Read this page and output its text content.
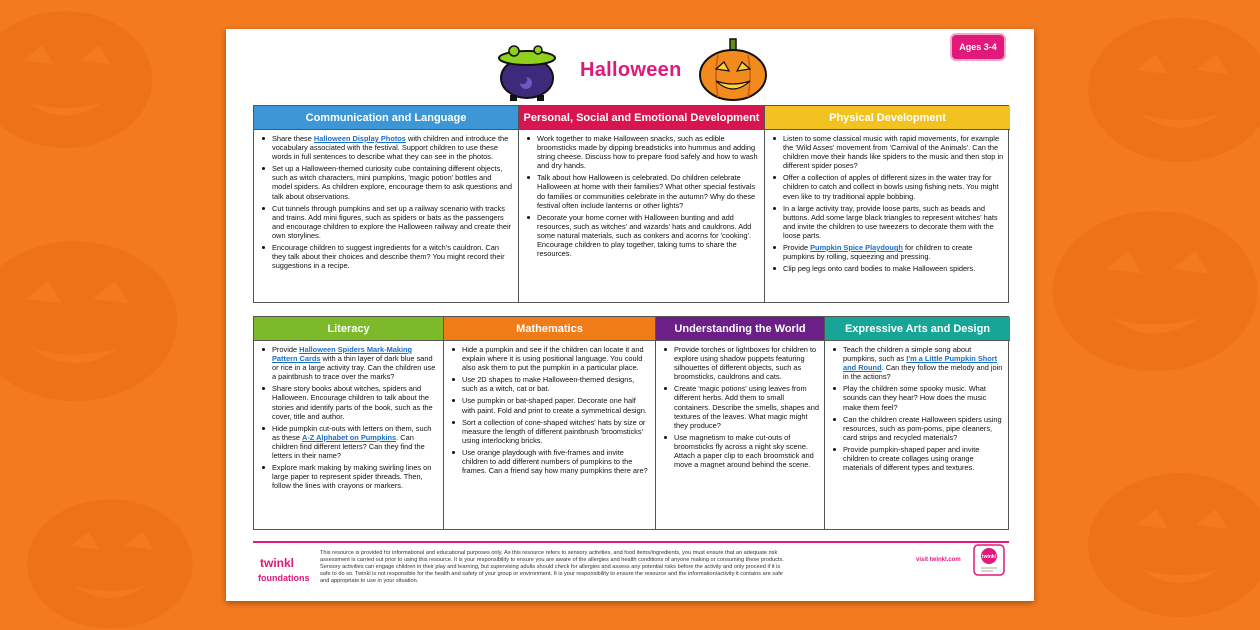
Halloween
Ages 3-4
Communication and Language
Share these Halloween Display Photos with children and introduce the vocabulary associated with the festival. Support children to use these words in full sentences to describe what they can see in the photos.
Set up a Halloween-themed curiosity cube containing different objects, such as witch characters, mini pumpkins, 'magic potion' bottles and model spiders. As children explore, encourage them to ask questions and talk about observations.
Cut tunnels through pumpkins and set up a railway scenario with tracks and trains. Add mini figures, such as spiders or bats as the passengers and encourage children to explore the Halloween railway and create their own storylines.
Encourage children to suggest ingredients for a witch's cauldron. Can they talk about their choices and describe them? You might record their suggestions in a recipe.
Personal, Social and Emotional Development
Work together to make Halloween snacks, such as edible broomsticks made by dipping breadsticks into hummus and adding string cheese. Discuss how to prepare food safely and how to wash and dry hands.
Talk about how Halloween is celebrated. Do children celebrate Halloween at home with their families? What other special festivals do families or communities celebrate in the autumn? Why do these festival often include lanterns or other lights?
Decorate your home corner with Halloween bunting and add resources, such as witches' and wizards' hats and cauldrons. Add some natural materials, such as conkers and acorns for 'cooking'. Encourage children to play together, taking turns to share the resources.
Physical Development
Listen to some classical music with rapid movements, for example the 'Wild Asses' movement from 'Carnival of the Animals'. Can the children move their hands like spiders to the music and then stop in different spider poses?
Offer a collection of apples of different sizes in the water tray for children to catch and collect in bowls using fishing nets. You might even like to try traditional apple bobbing.
In a large activity tray, provide loose parts, such as beads and buttons. Add some large black triangles to represent witches' hats and invite the children to use tweezers to decorate them with the loose parts.
Provide Pumpkin Spice Playdough for children to create pumpkins by rolling, squeezing and pressing.
Clip peg legs onto card bodies to make Halloween spiders.
Literacy
Provide Halloween Spiders Mark-Making Pattern Cards with a thin layer of dark blue sand or rice in a large activity tray. Can the children use a paintbrush to trace over the marks?
Share story books about witches, spiders and Halloween. Encourage children to talk about the stories and identify parts of the book, such as the cover, title and author.
Hide pumpkin cut-outs with letters on them, such as these A-Z Alphabet on Pumpkins. Can children find different letters? Can they find the letters in their name?
Explore mark making by making swirling lines on large paper to represent spider threads. Then, follow the lines with crayons or markers.
Mathematics
Hide a pumpkin and see if the children can locate it and explain where it is using positional language. You could also ask them to put the pumpkin in a particular place.
Use 2D shapes to make Halloween-themed designs, such as a witch, cat or bat.
Use pumpkin or bat-shaped paper. Decorate one half with paint. Fold and print to create a symmetrical design.
Sort a collection of cone-shaped witches' hats by size or measure the length of different paintbrush 'broomsticks' using interlocking bricks.
Use orange playdough with five-frames and invite children to add different numbers of pumpkins to the frames. Can a friend say how many pumpkins there are?
Understanding the World
Provide torches or lightboxes for children to explore using shadow puppets featuring silhouettes of different objects, such as broomsticks, cauldrons and cats.
Create 'magic potions' using leaves from different herbs. Add them to small containers. Describe the smells, shapes and textures of the leaves. What magic might they produce?
Use magnetism to make cut-outs of broomsticks fly across a night sky scene. Attach a paper clip to each broomstick and move a magnet around behind the scene.
Expressive Arts and Design
Teach the children a simple song about pumpkins, such as I'm a Little Pumpkin Short and Round. Can they follow the melody and join in the actions?
Play the children some spooky music. What sounds can they hear? How does the music make them feel?
Can the children create Halloween spiders using resources, such as pom-poms, pipe cleaners, card strips and recycled materials?
Provide pumpkin-shaped paper and invite children to create collages using orange materials of different types and textures.
twinkl
foundations
This resource is provided for informational and educational purposes only. As this resource refers to sensory activities, and food items/ingredients, you must ensure that an adequate risk assessment is carried out prior to using this resource. It is your responsibility to ensure you are aware of the allergies and health conditions of anyone making or consuming these products. Sensory activities can engage children in their play and learning, but supervising adults should check for allergies and assess any potential risks before the activity and only proceed if it is safe to do so. Twinkl is not responsible for the health and safety of your group or environment. It is your responsibility to ensure the resource and the information/activity it contains are safe and appropriate to use in your situation.
visit twinkl.com	twinkl
